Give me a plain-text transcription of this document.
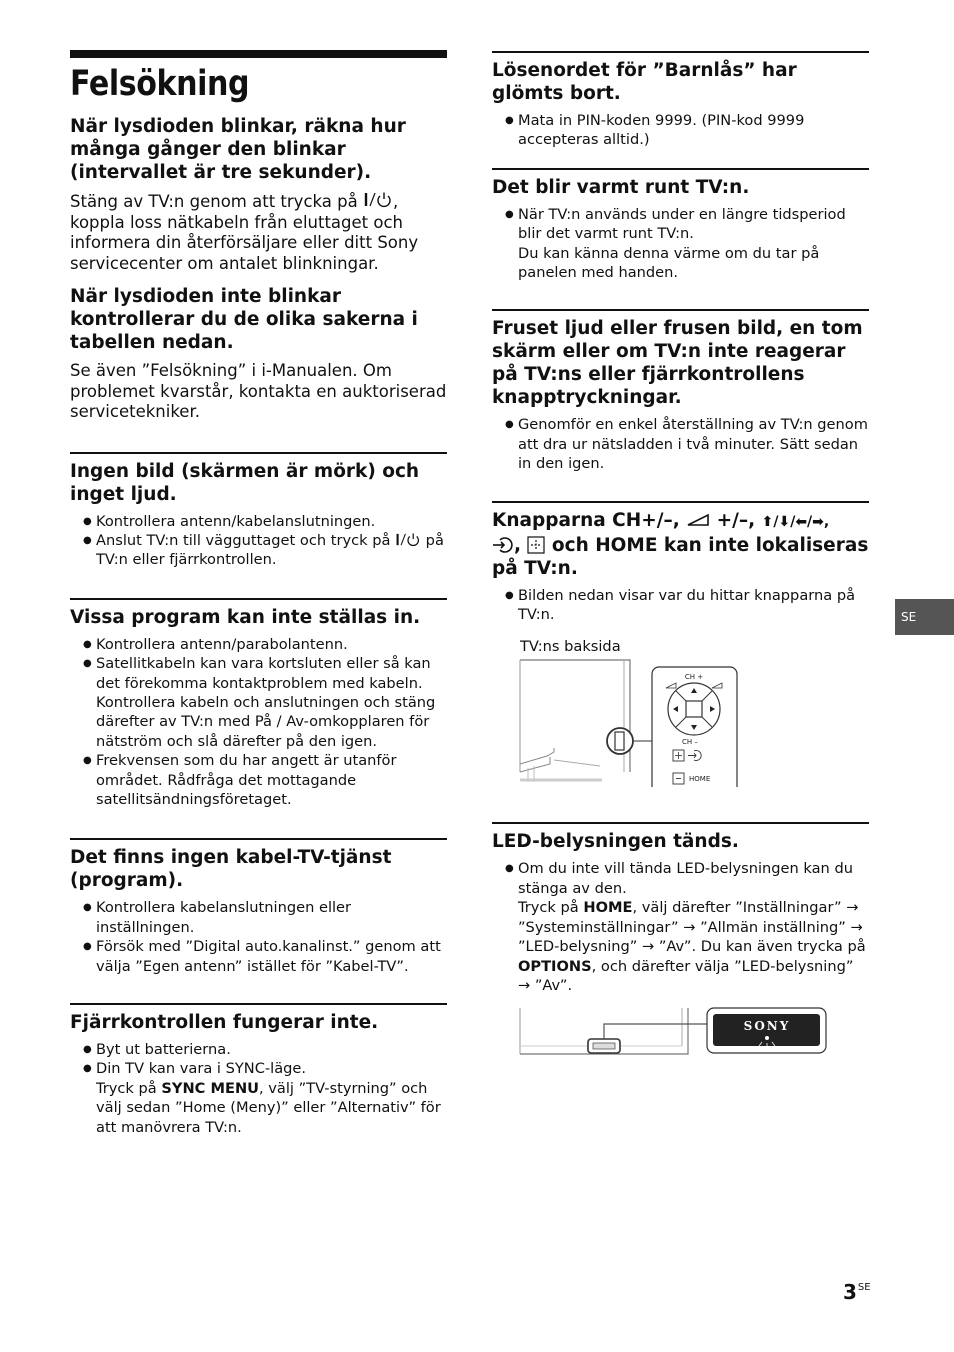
Felsökning
När lysdioden blinkar, räkna hur många gånger den blinkar (intervallet är tre sekunder).

Stäng av TV:n genom att trycka på , koppla loss nätkabeln från eluttaget och informera din återförsäljare eller ditt Sony servicecenter om antalet blinkningar.

När lysdioden inte blinkar kontrollerar du de olika sakerna i tabellen nedan.

Se även ”Felsökning” i i-Manualen. Om problemet kvarstår, kontakta en auktoriserad servicetekniker.

Ingen bild (skärmen är mörk) och inget ljud.
● Kontrollera antenn/kabelanslutningen.
● Anslut TV:n till vägguttaget och tryck på  på TV:n eller fjärrkontrollen.
Vissa program kan inte ställas in.
● Kontrollera antenn/parabolantenn.
● Satellitkabeln kan vara kortsluten eller så kan det förekomma kontaktproblem med kabeln. Kontrollera kabeln och anslutningen och stäng därefter av TV:n med På / Av-omkopplaren för nätström och slå därefter på den igen.
● Frekvensen som du har angett är utanför området. Rådfråga det mottagande satellitsändningsföretaget.
Det finns ingen kabel-TV-tjänst (program).
● Kontrollera kabelanslutningen eller inställningen.
● Försök med ”Digital auto.kanalinst.” genom att välja ”Egen antenn” istället för ”Kabel-TV”.
Fjärrkontrollen fungerar inte.
● Byt ut batterierna.
● Din TV kan vara i SYNC-läge.
Tryck på SYNC MENU, välj ”TV-styrning” och välj sedan ”Home (Meny)” eller ”Alternativ” för att manövrera TV:n.
Lösenordet för ”Barnlås” har glömts bort.
● Mata in PIN-koden 9999. (PIN-kod 9999 accepteras alltid.)
Det blir varmt runt TV:n.
● När TV:n används under en längre tidsperiod blir det varmt runt TV:n.
Du kan känna denna värme om du tar på panelen med handen.
Fruset ljud eller frusen bild, en tom skärm eller om TV:n inte reagerar på TV:ns eller fjärrkontrollens knapptryckningar.
● Genomför en enkel återställning av TV:n genom att dra ur nätsladden i två minuter. Sätt sedan in den igen.
Knapparna CH+/–,  +/–, ⬆/⬇/⬅/➡,
,  och HOME kan inte lokaliseras på TV:n.
● Bilden nedan visar var du hittar knapparna på TV:n.
TV:ns baksida
CH +
CH –
HOME
LED-belysningen tänds.
● Om du inte vill tända LED-belysningen kan du stänga av den.
Tryck på HOME, välj därefter ”Inställningar” → ”Systeminställningar” → ”Allmän inställning” → ”LED-belysning” → ”Av”. Du kan även trycka på OPTIONS, och därefter välja ”LED-belysning” → ”Av”.
SONY
SE
$3^{SE}$
